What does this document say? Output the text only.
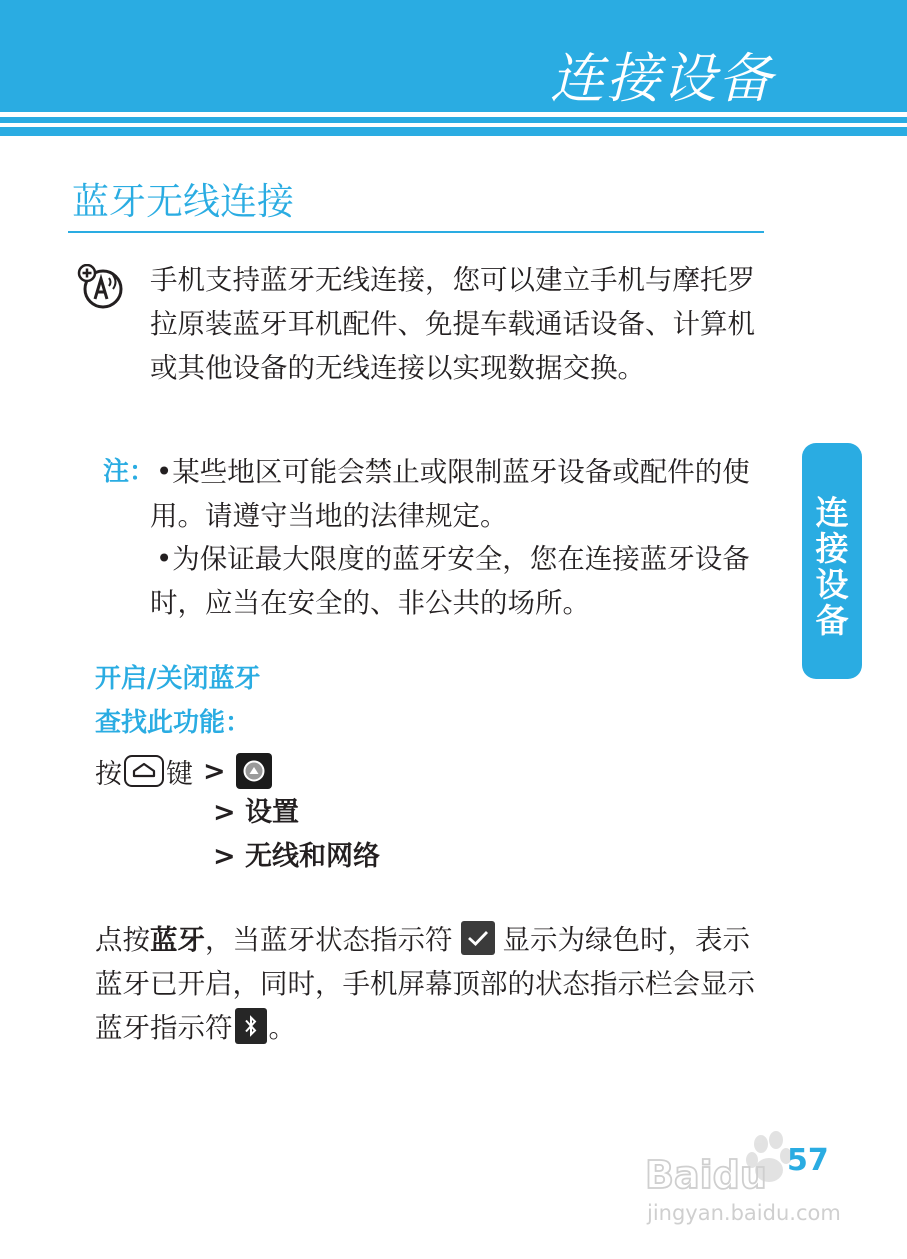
连接设备
蓝牙无线连接
手机支持蓝牙无线连接，您可以建立手机与摩托罗拉原装蓝牙耳机配件、免提车载通话设备、计算机或其他设备的无线连接以实现数据交换。
注： •某些地区可能会禁止或限制蓝牙设备或配件的使用。请遵守当地的法律规定。
•为保证最大限度的蓝牙安全，您在连接蓝牙设备时，应当在安全的、非公共的场所。
连
接
设
备
开启/关闭蓝牙
查找此功能：
按 键 >
> 设置
> 无线和网络
点按蓝牙，当蓝牙状态指示符 显示为绿色时，表示蓝牙已开启，同时，手机屏幕顶部的状态指示栏会显示蓝牙指示符 。
Baidu
jingyan.baidu.com
57
